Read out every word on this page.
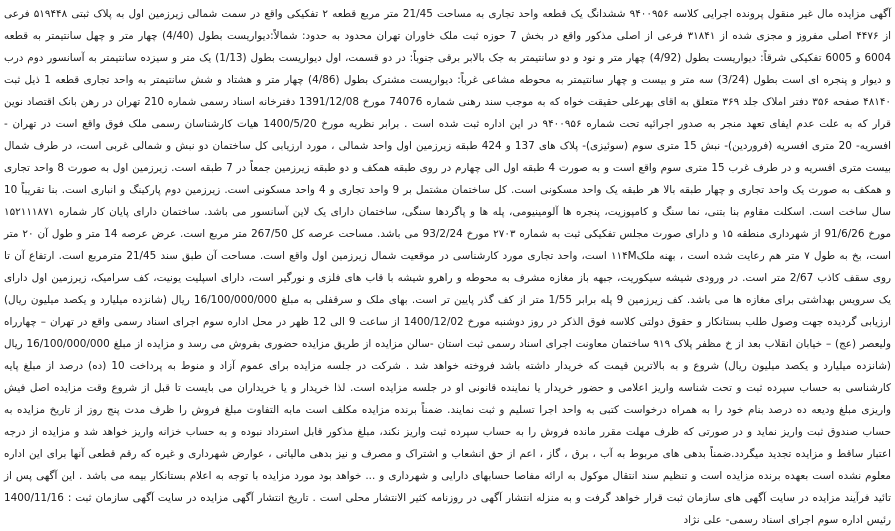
آگهی مزایده مال غیر منقول پرونده اجرایی کلاسه ۹۴۰۰۹۵۶ ششدانگ یک قطعه واحد تجاری به مساحت 21/45 متر مربع قطعه ۲ تفکیکی واقع در سمت شمالی زیرزمین اول به پلاک ثبتی ۵۱۹۴۴۸ فرعی از ۴۴۷۶ اصلی مفروز و مجزی شده از ۳۱۸۴۱ فرعی از اصلی مذکور واقع در بخش 7 حوزه ثبت ملک خاوران تهران محدود به حدود: شمالاً:دیواریست بطول (4/40) چهار متر و چهل سانتیمتر به قطعه 6004 و 6005 تفکیکی شرقاً: دیواریست بطول (4/92) چهار متر و نود و دو سانتیمتر به جک بالابر برقی جنوباً: در دو قسمت، اول دیواریست بطول (1/13) یک متر و سیزده سانتیمتر به آسانسور دوم درب و دیوار و پنجره ای است بطول (3/24) سه متر و بیست و چهار سانتیمتر به محوطه مشاعی غرباً: دیواریست مشترک بطول (4/86) چهار متر و هشتاد و شش سانتیمتر به واحد تجاری قطعه 1 ذیل ثبت ۴۸۱۴۰ صفحه ۳۵۶ دفتر املاک جلد ۳۶۹ متعلق به اقای بهرعلی حقیقت خواه که به موجب سند رهنی شماره 74076 مورخ 1391/12/08 دفترخانه اسناد رسمی شماره 210 تهران در رهن بانک اقتصاد نوین قرار که به علت عدم ایفای تعهد منجر به صدور اجرائیه تحت شماره ۹۴۰۰۹۵۶ در این اداره ثبت شده است . برابر نظریه مورخ 1400/5/20 هیات کارشناسان رسمی ملک فوق واقع است در تهران - افسریه- 20 متری افسریه (فروردین)- نبش 15 متری سوم (سوئیزی)- پلاک های 137 و 424 طبقه زیرزمین اول واحد شمالی ، مورد ارزیابی کل ساختمان دو نبش و شمالی غربی است، در طرف شمال بیست متری افسریه و در طرف غرب 15 متری سوم واقع است و به صورت 4 طبقه اول الی چهارم در روی طبقه همکف و دو طبقه زیرزمین جمعاً در 7 طبقه است. زیرزمین اول به صورت 8 واحد تجاری و همکف به صورت یک واحد تجاری و چهار طبقه بالا هر طبقه یک واحد مسکونی است. کل ساختمان مشتمل بر 9 واحد تجاری و 4 واحد مسکونی است. زیرزمین دوم پارکینگ و انباری است. بنا تقریباً 10 سال ساخت است. اسکلت مقاوم بنا بتنی، نما سنگ و کامپوزیت، پنجره ها آلومینیومی، پله ها و پاگردها سنگی، ساختمان دارای یک لاین آسانسور می باشد. ساختمان دارای پایان کار شماره ۱۵۲۱۱۱۸۷۱ مورخ 91/6/26 از شهرداری منطقه ۱۵ و دارای صورت مجلس تفکیکی ثبت به شماره ۲۷۰۳ مورخ 93/2/24 می باشد. مساحت عرصه کل 267/50 متر مربع است. عرض عرصه 14 متر و طول آن ۲۰ متر است، بخ به طول ۷ متر هم رعایت شده است ، بهنه ملک۱۱۴M است، واحد تجاری مورد کارشناسی در موقعیت شمال زیرزمین اول واقع است. مساحت آن طبق سند 21/45 مترمربع است. ارتفاع آن تا روی سقف کاذب 2/67 متر است. در ورودی شیشه سیکوریت، جبهه باز مغازه مشرف به محوطه و راهرو شیشه با قاب های فلزی و نورگیر است، دارای اسپلیت یونیت، کف سرامیک، زیرزمین اول دارای یک سرویس بهداشتی برای مغازه ها می باشد. کف زیرزمین 9 پله برابر 1/55 متر از کف گذر پایین تر است. بهای ملک و سرقفلی به مبلغ 16/100/000/000 ریال (شانزده میلیارد و یکصد میلیون ریال) ارزیابی گردیده جهت وصول طلب بستانکار و حقوق دولتی کلاسه فوق الذکر در روز دوشنبه مورخ 1400/12/02 از ساعت 9 الی 12 ظهر در محل اداره سوم اجرای اسناد رسمی واقع در تهران – چهارراه ولیعصر (عج) – خیابان انقلاب بعد از خ مظفر پلاک ۹۱۹ ساختمان معاونت اجرای اسناد رسمی ثبت استان -سالن مزایده از طریق مزایده حضوری بفروش می رسد و مزایده از مبلغ 16/100/000/000 ریال (شانزده میلیارد و یکصد میلیون ریال) شروع و به بالاترین قیمت که خریدار داشته باشد فروخته خواهد شد . شرکت در جلسه مزایده برای عموم آزاد و منوط به پرداخت 10 (ده) درصد از مبلغ پایه کارشناسی به حساب سپرده ثبت و تحت شناسه واریز اعلامی و حضور خریدار یا نماینده قانونی او در جلسه مزایده است. لذا خریدار و یا خریداران می بایست تا قبل از شروع وقت مزایده اصل فیش واریزی مبلغ ودیعه ده درصد بنام خود را به همراه درخواست کتبی به واحد اجرا تسلیم و ثبت نمایند. ضمناً برنده مزایده مکلف است مابه التفاوت مبلغ فروش را ظرف مدت پنج روز از تاریخ مزایده به حساب صندوق ثبت واریز نماید و در صورتی که ظرف مهلت مقرر مانده فروش را به حساب سپرده ثبت واریز نکند، مبلغ مذکور قابل استرداد نبوده و به حساب خزانه واریز خواهد شد و مزایده از درجه اعتبار ساقط و مزایده تجدید میگردد.ضمناً بدهی های مربوط به آب ، برق ، گاز ، اعم از حق انشعاب و اشتراک و مصرف و نیز بدهی مالیاتی ، عوارض شهرداری و غیره که رقم قطعی آنها برای این اداره معلوم نشده است بعهده برنده مزایده است و تنظیم سند انتقال موکول به ارائه مفاصا حسابهای دارایی و شهرداری و ... خواهد بود مورد مزایده با توجه به اعلام بستانکار بیمه می باشد . این آگهی پس از تائید فرآیند مزایده در سایت آگهی های سازمان ثبت قرار خواهد گرفت و به منزله انتشار آگهی در روزنامه کثیر الانتشار محلی است . تاریخ انتشار آگهی مزایده در سایت آگهی سازمان ثبت : 1400/11/16 رئیس اداره سوم اجرای اسناد رسمی- علی نژاد
